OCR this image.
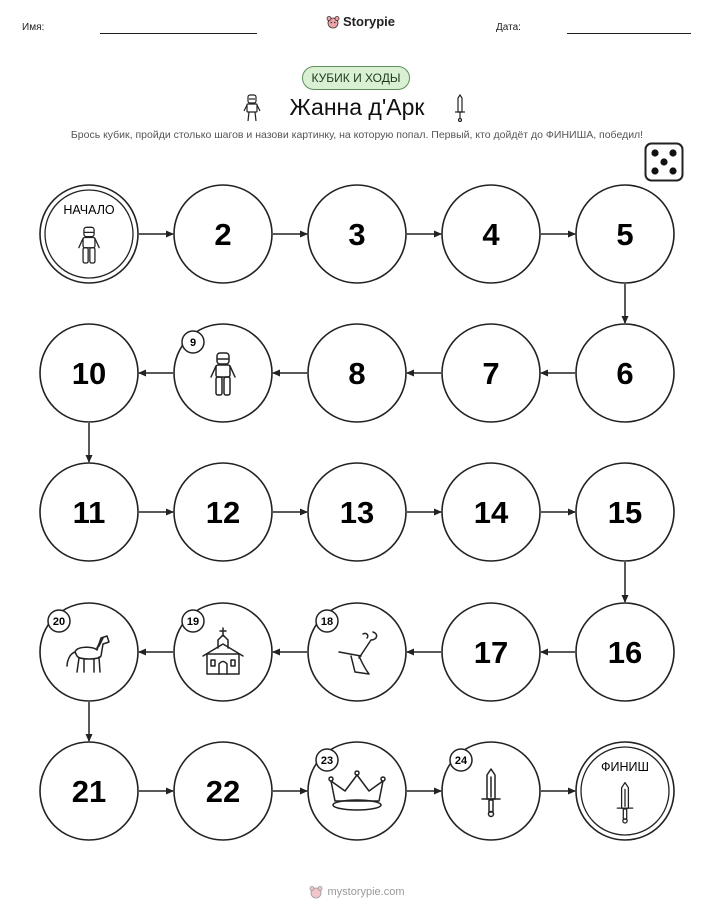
Имя:	Storypie	Дата:
КУБИК И ХОДЫ
Жанна д'Арк
Брось кубик, пройди столько шагов и назови картинку, на которую попал. Первый, кто дойдёт до ФИНИША, победил!
НАЧАЛО
2	3	4	5
6
7
8
9
10
11	12	13	14	15
16
17
18
19
20
21	22
23	24	ФИНИШ
mystorypie.com
